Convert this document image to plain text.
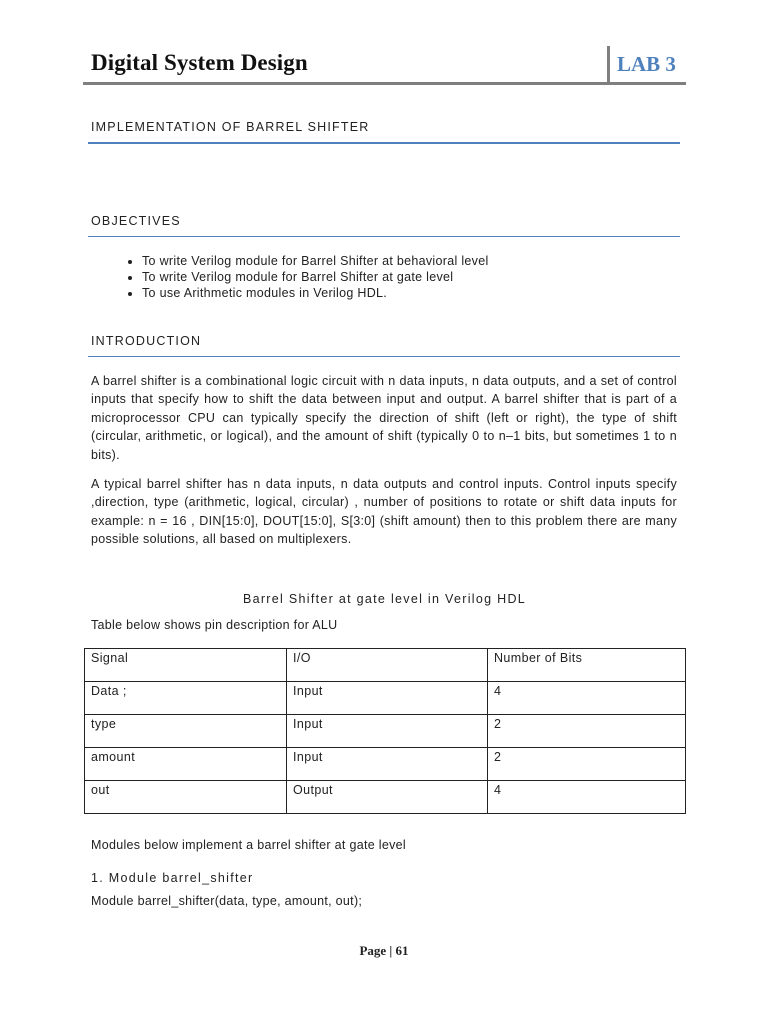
Digital System Design	LAB 3
IMPLEMENTATION OF BARREL SHIFTER
OBJECTIVES
• To write Verilog module for Barrel Shifter at behavioral level
• To write Verilog module for Barrel Shifter at gate level
• To use Arithmetic modules in Verilog HDL.
INTRODUCTION
A barrel shifter is a combinational logic circuit with n data inputs, n data outputs, and a set of control inputs that specify how to shift the data between input and output. A barrel shifter that is part of a microprocessor CPU can typically specify the direction of shift (left or right), the type of shift (circular, arithmetic, or logical), and the amount of shift (typically 0 to n–1 bits, but sometimes 1 to n bits).
A typical barrel shifter has n data inputs, n data outputs and control inputs. Control inputs specify ,direction, type (arithmetic, logical, circular) , number of positions to rotate or shift data inputs for example: n = 16 , DIN[15:0], DOUT[15:0], S[3:0] (shift amount) then to this problem there are many possible solutions, all based on multiplexers.
Barrel Shifter at gate level in Verilog HDL
Table below shows pin description for ALU
Signal	I/O	Number of Bits
Data ;	Input	4
type	Input	2
amount	Input	2
out	Output	4
Modules below implement a barrel shifter at gate level
1. Module barrel_shifter
Module barrel_shifter(data, type, amount, out);
Page | 61
